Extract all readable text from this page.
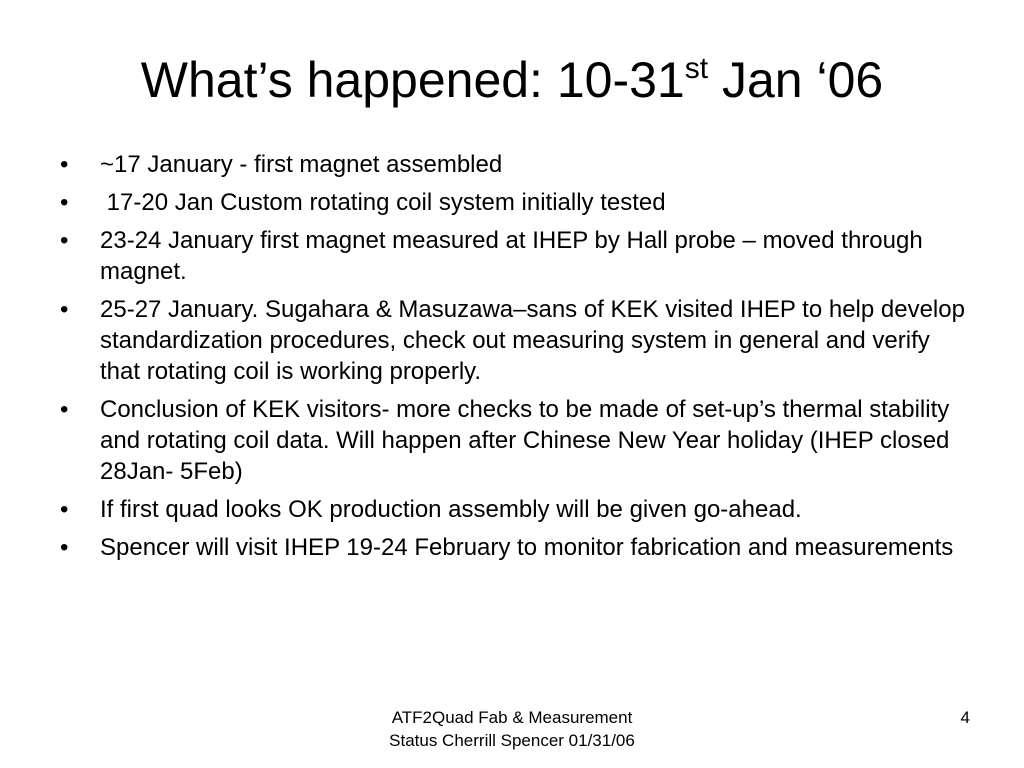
What’s happened: 10-31st Jan ‘06
• ~17 January - first magnet assembled
• 17-20 Jan Custom rotating coil system initially tested
• 23-24 January first magnet measured at IHEP by Hall probe – moved through magnet.
• 25-27 January. Sugahara & Masuzawa–sans of KEK visited IHEP to help develop standardization procedures, check out measuring system in general and verify that rotating coil is working properly.
• Conclusion of KEK visitors- more checks to be made of set-up’s thermal stability and rotating coil data. Will happen after Chinese New Year holiday (IHEP closed 28Jan- 5Feb)
• If first quad looks OK production assembly will be given go-ahead.
• Spencer will visit IHEP 19-24 February to monitor fabrication and measurements
ATF2Quad Fab & Measurement
Status Cherrill Spencer 01/31/06
4
